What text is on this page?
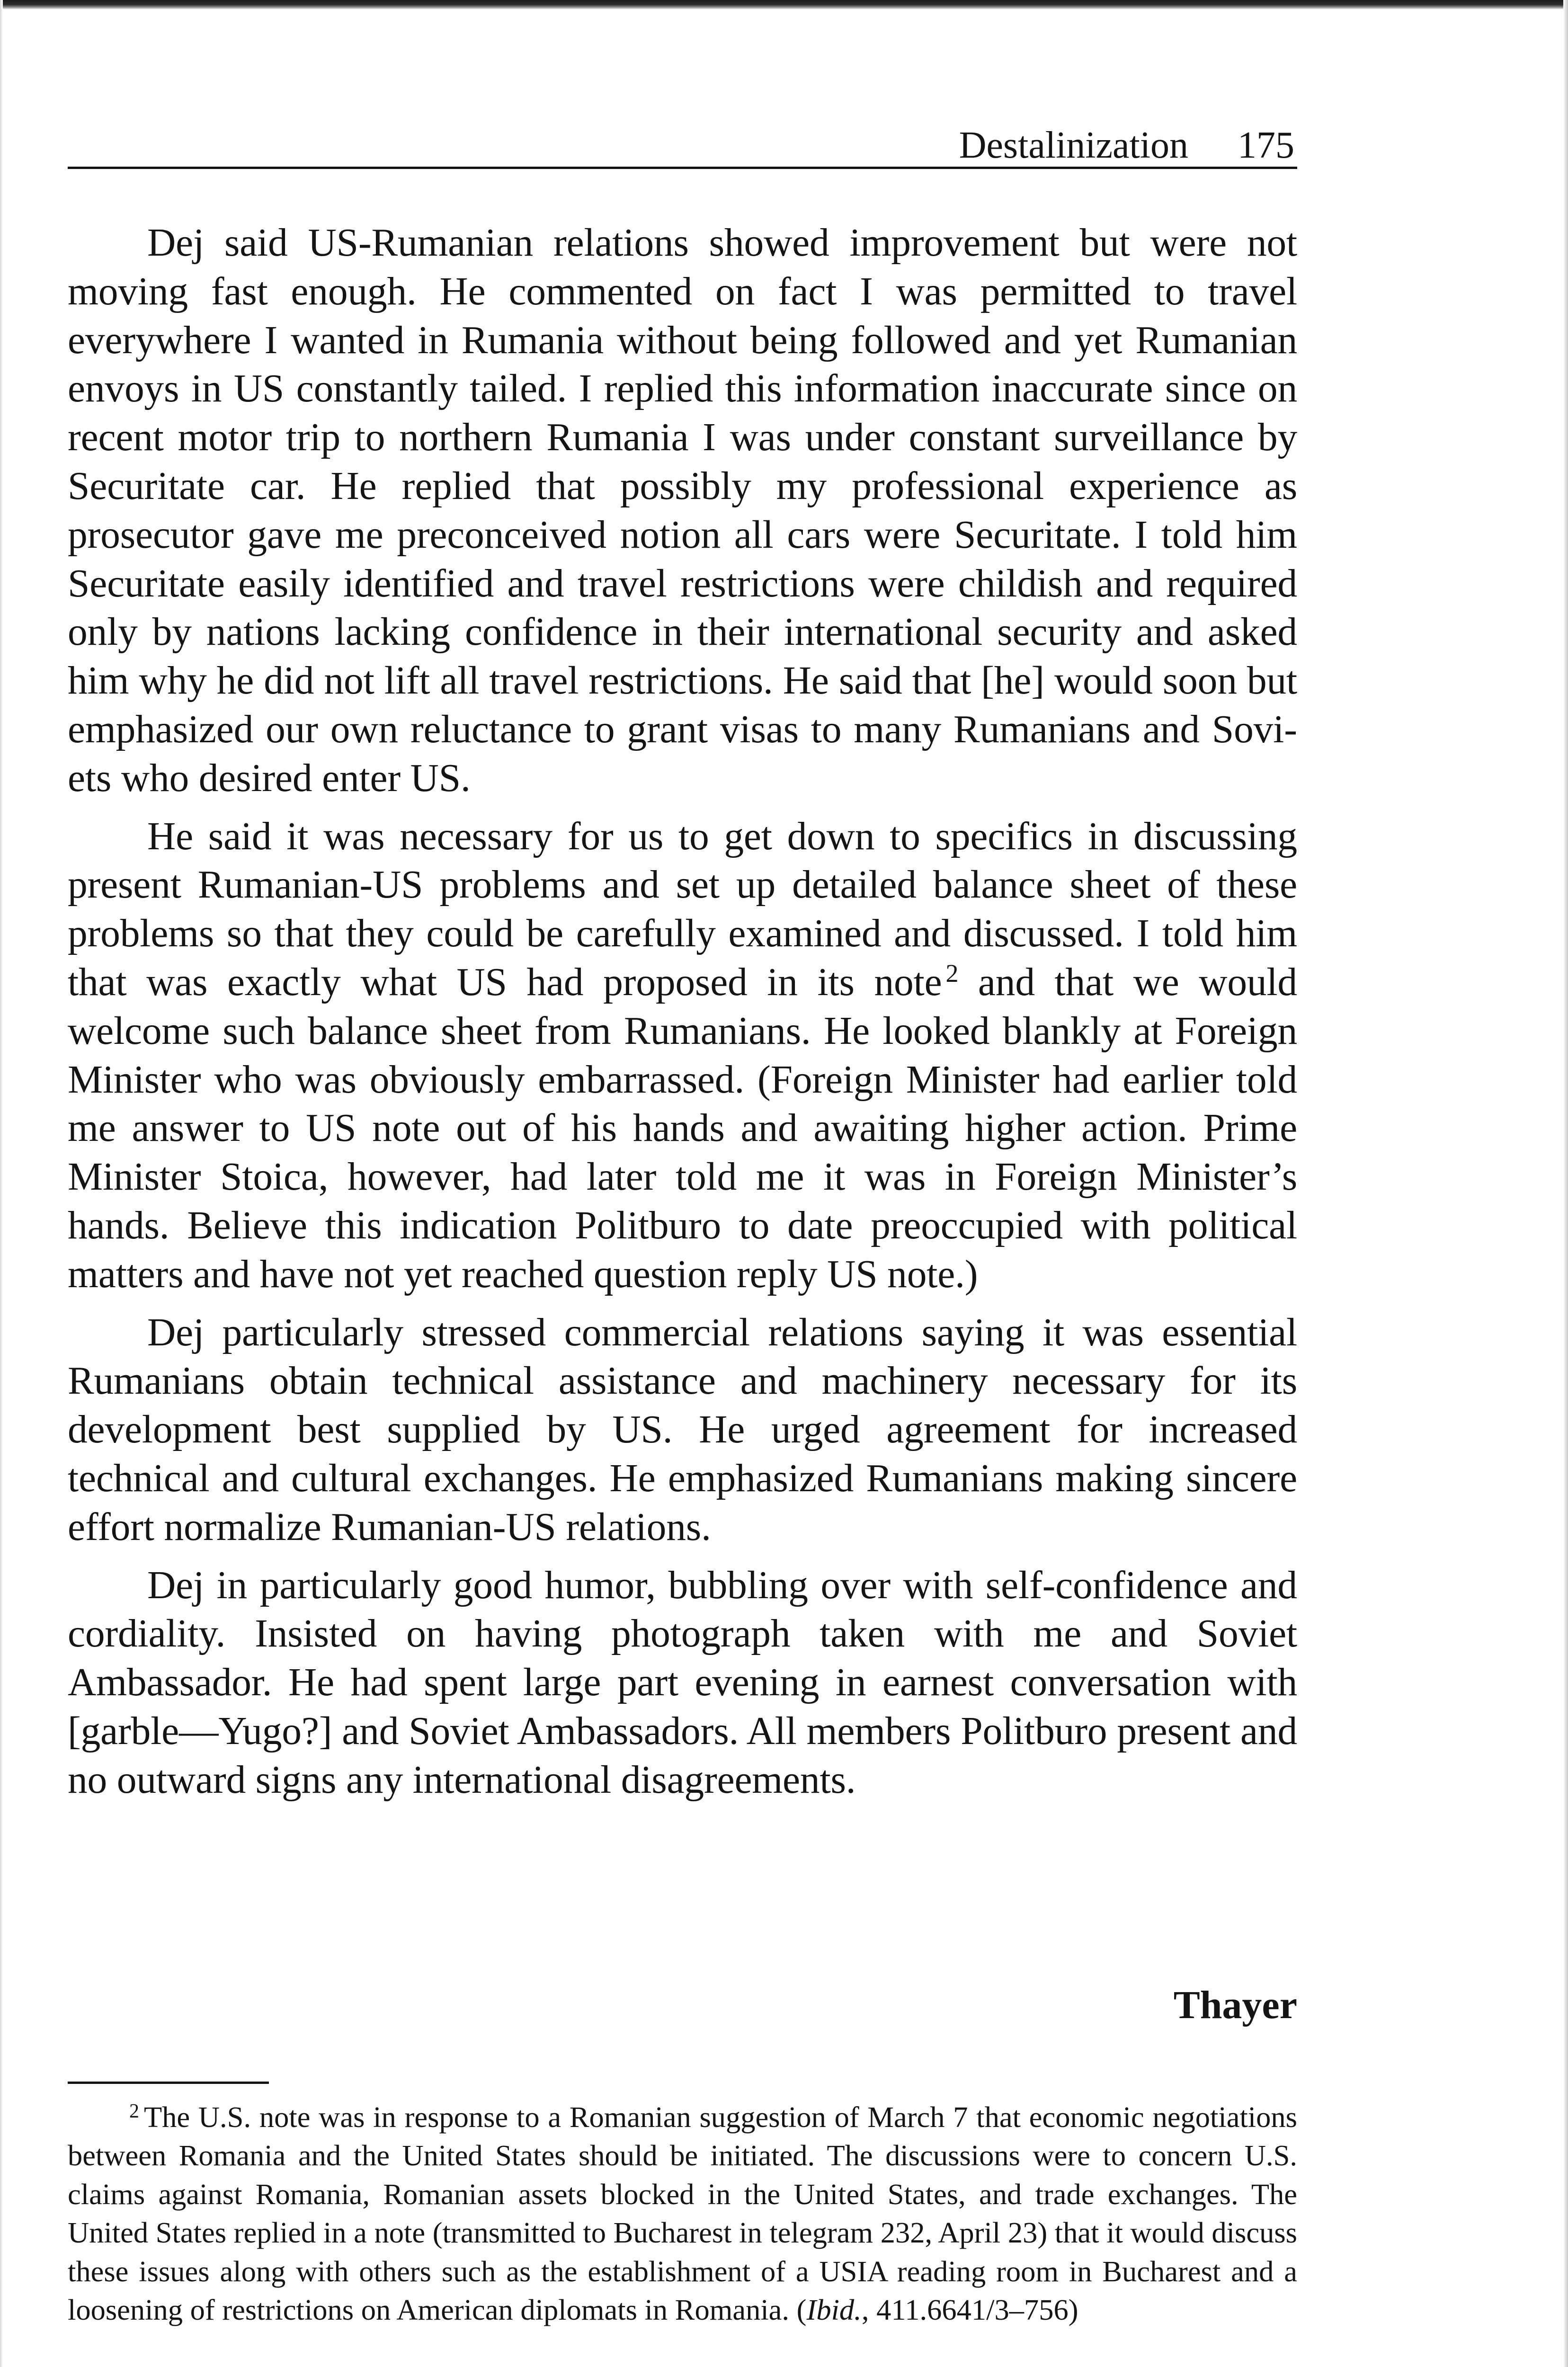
Destalinization 175

Dej said US-Rumanian relations showed improvement but were not moving fast enough. He commented on fact I was permitted to travel everywhere I wanted in Rumania without being followed and yet Rumanian envoys in US constantly tailed. I replied this information inaccurate since on recent motor trip to northern Rumania I was under constant surveillance by Securitate car. He replied that possibly my professional experience as prosecutor gave me preconceived notion all cars were Securitate. I told him Securitate easily identified and travel restrictions were childish and required only by nations lacking confidence in their international security and asked him why he did not lift all travel restrictions. He said that [he] would soon but emphasized our own reluctance to grant visas to many Rumanians and Soviets who desired enter US.

He said it was necessary for us to get down to specifics in discussing present Rumanian-US problems and set up detailed balance sheet of these problems so that they could be carefully examined and discussed. I told him that was exactly what US had proposed in its note $^2$ and that we would welcome such balance sheet from Rumanians. He looked blankly at Foreign Minister who was obviously embarrassed. (Foreign Minister had earlier told me answer to US note out of his hands and awaiting higher action. Prime Minister Stoica, however, had later told me it was in Foreign Minister’s hands. Believe this indication Politburo to date preoccupied with political matters and have not yet reached question reply US note.)

Dej particularly stressed commercial relations saying it was essential Rumanians obtain technical assistance and machinery necessary for its development best supplied by US. He urged agreement for increased technical and cultural exchanges. He emphasized Rumanians making sincere effort normalize Rumanian-US relations.

Dej in particularly good humor, bubbling over with self-confidence and cordiality. Insisted on having photograph taken with me and Soviet Ambassador. He had spent large part evening in earnest conversation with [garble—Yugo?] and Soviet Ambassadors. All members Politburo present and no outward signs any international disagreements.

Thayer

$^2$ The U.S. note was in response to a Romanian suggestion of March 7 that economic negotiations between Romania and the United States should be initiated. The discussions were to concern U.S. claims against Romania, Romanian assets blocked in the United States, and trade exchanges. The United States replied in a note (transmitted to Bucharest in telegram 232, April 23) that it would discuss these issues along with others such as the establishment of a USIA reading room in Bucharest and a loosening of restrictions on American diplomats in Romania. (Ibid., 411.6641/3–756)
